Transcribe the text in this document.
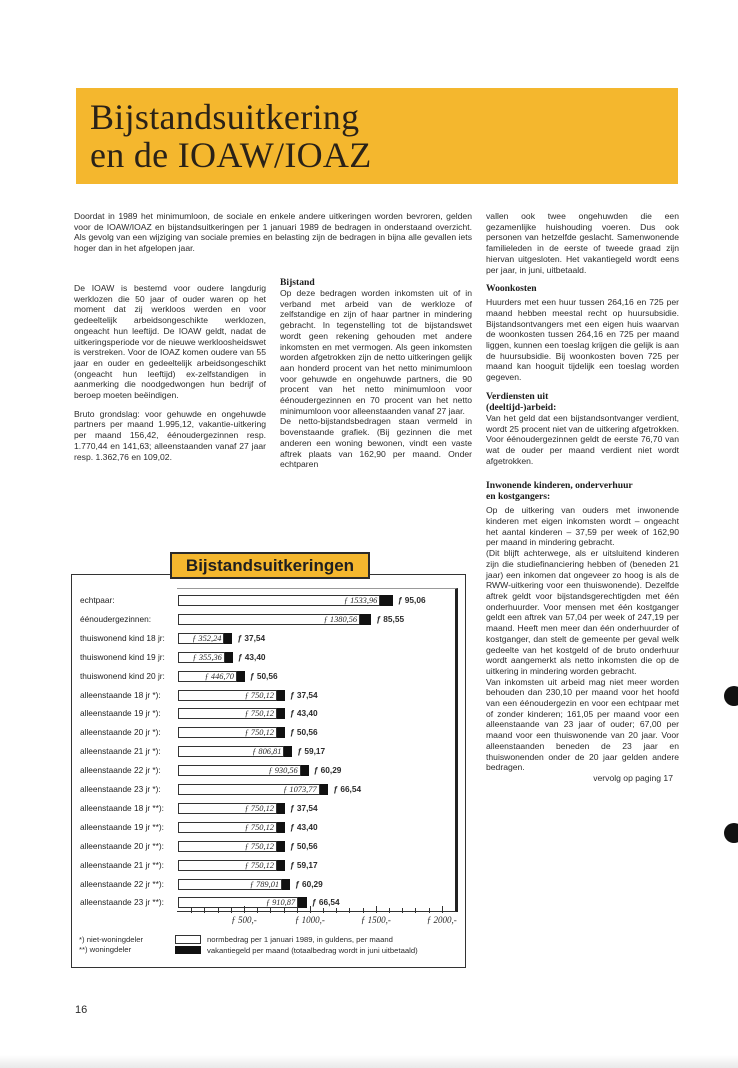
Bijstandsuitkering
en de IOAW/IOAZ

Doordat in 1989 het minimumloon, de sociale en enkele andere uitkeringen worden bevroren, gelden voor de IOAW/IOAZ en bijstandsuitkeringen per 1 januari 1989 de bedragen in onderstaand overzicht. Als gevolg van een wijziging van sociale premies en belasting zijn de bedragen in bijna alle gevallen iets hoger dan in het afgelopen jaar.

De IOAW is bestemd voor oudere langdurig werklozen die 50 jaar of ouder waren op het moment dat zij werkloos werden en voor gedeeltelijk arbeidsongeschikte werklozen, ongeacht hun leeftijd. De IOAW geldt, nadat de uitkeringsperiode vor de nieuwe werkloosheidswet is verstreken. Voor de IOAZ komen oudere van 55 jaar en ouder en gedeeltelijk arbeidsongeschikt (ongeacht hun leeftijd) ex-zelfstandigen in aanmerking die noodgedwongen hun bedrijf of beroep moeten beëindigen.

Bruto grondslag: voor gehuwde en ongehuwde partners per maand 1.995,12, vakantie-uitkering per maand 156,42, éénoudergezinnen resp. 1.770,44 en 141,63; alleenstaanden vanaf 27 jaar resp. 1.362,76 en 109,02.

Bijstand

Op deze bedragen worden inkomsten uit of in verband met arbeid van de werkloze of zelfstandige en zijn of haar partner in mindering gebracht. In tegenstelling tot de bijstandswet wordt geen rekening gehouden met andere inkomsten en met vermogen. Als geen inkomsten worden afgetrokken zijn de netto uitkeringen gelijk aan honderd procent van het netto minimumloon voor gehuwde en ongehuwde partners, die 90 procent van het netto minimumloon voor éénoudergezinnen en 70 procent van het netto minimumloon voor alleenstaanden vanaf 27 jaar.

De netto-bijstandsbedragen staan vermeld in bovenstaande grafiek. (Bij gezinnen die met anderen een woning bewonen, vindt een vaste aftrek plaats van 162,90 per maand. Onder echtparen

vallen ook twee ongehuwden die een gezamenlijke huishouding voeren. Dus ook personen van hetzelfde geslacht. Samenwonende familieleden in de eerste of tweede graad zijn hiervan uitgesloten. Het vakantiegeld wordt eens per jaar, in juni, uitbetaald.

Woonkosten

Huurders met een huur tussen 264,16 en 725 per maand hebben meestal recht op huursubsidie. Bijstandsontvangers met een eigen huis waarvan de woonkosten tussen 264,16 en 725 per maand liggen, kunnen een toeslag krijgen die gelijk is aan de huursubsidie. Bij woonkosten boven 725 per maand kan hooguit tijdelijk een toeslag worden gegeven.

Verdiensten uit

(deeltijd-)arbeid:

Van het geld dat een bijstandsontvanger verdient, wordt 25 procent niet van de uitkering afgetrokken. Voor éénoudergezinnen geldt de eerste 76,70 van wat de ouder per maand verdient niet wordt afgetrokken.

Inwonende kinderen, onderverhuur

en kostgangers:

Op de uitkering van ouders met inwonende kinderen met eigen inkomsten wordt – ongeacht het aantal kinderen – 37,59 per week of 162,90 per maand in mindering gebracht.

(Dit blijft achterwege, als er uitsluitend kinderen zijn die studiefinanciering hebben of (beneden 21 jaar) een inkomen dat ongeveer zo hoog is als de RWW-uitkering voor een thuiswonende). Dezelfde aftrek geldt voor bijstandsgerechtigden met één onderhuurder. Voor mensen met één kostganger geldt een aftrek van 57,04 per week of 247,19 per maand. Heeft men meer dan één onderhuurder of kostganger, dan stelt de gemeente per geval welk gedeelte van het kostgeld of de bruto onderhuur wordt aangemerkt als netto inkomsten die op de uitkering in mindering worden gebracht.

Van inkomsten uit arbeid mag niet meer worden behouden dan 230,10 per maand voor het hoofd van een éénoudergezin en voor een echtpaar met of zonder kinderen; 161,05 per maand voor een alleenstaande van 23 jaar of ouder; 67,00 per maand voor een thuiswonende van 20 jaar. Voor alleenstaanden beneden de 23 jaar en thuiswonenden onder de 20 jaar gelden andere bedragen.

vervolg op paging 17

Bijstandsuitkeringen
echtpaar:	ƒ 1533,96 ƒ 95,06
éénoudergezinnen:	ƒ 1380,56 ƒ 85,55
thuiswonend kind 18 jr:	ƒ 352,24 ƒ 37,54
thuiswonend kind 19 jr:	ƒ 355,36 ƒ 43,40
thuiswonend kind 20 jr:	ƒ 446,70 ƒ 50,56
alleenstaande 18 jr *):	ƒ 750,12 ƒ 37,54
alleenstaande 19 jr *):	ƒ 750,12 ƒ 43,40
alleenstaande 20 jr *):	ƒ 750,12 ƒ 50,56
alleenstaande 21 jr *):	ƒ 806,81 ƒ 59,17
alleenstaande 22 jr *):	ƒ 930,56 ƒ 60,29
alleenstaande 23 jr *):	ƒ 1073,77 ƒ 66,54
alleenstaande 18 jr **):	ƒ 750,12 ƒ 37,54
alleenstaande 19 jr **):	ƒ 750,12 ƒ 43,40
alleenstaande 20 jr **):	ƒ 750,12 ƒ 50,56
alleenstaande 21 jr **):	ƒ 750,12 ƒ 59,17
alleenstaande 22 jr **):	ƒ 789,01 ƒ 60,29
alleenstaande 23 jr **):	ƒ 910,87 ƒ 66,54
ƒ 500,-	ƒ 1000,-	ƒ 1500,-	ƒ 2000,-
*) niet-woningdeler
**) woningdeler
normbedrag per 1 januari 1989, in guldens, per maand
vakantiegeld per maand (totaalbedrag wordt in juni uitbetaald)
16
